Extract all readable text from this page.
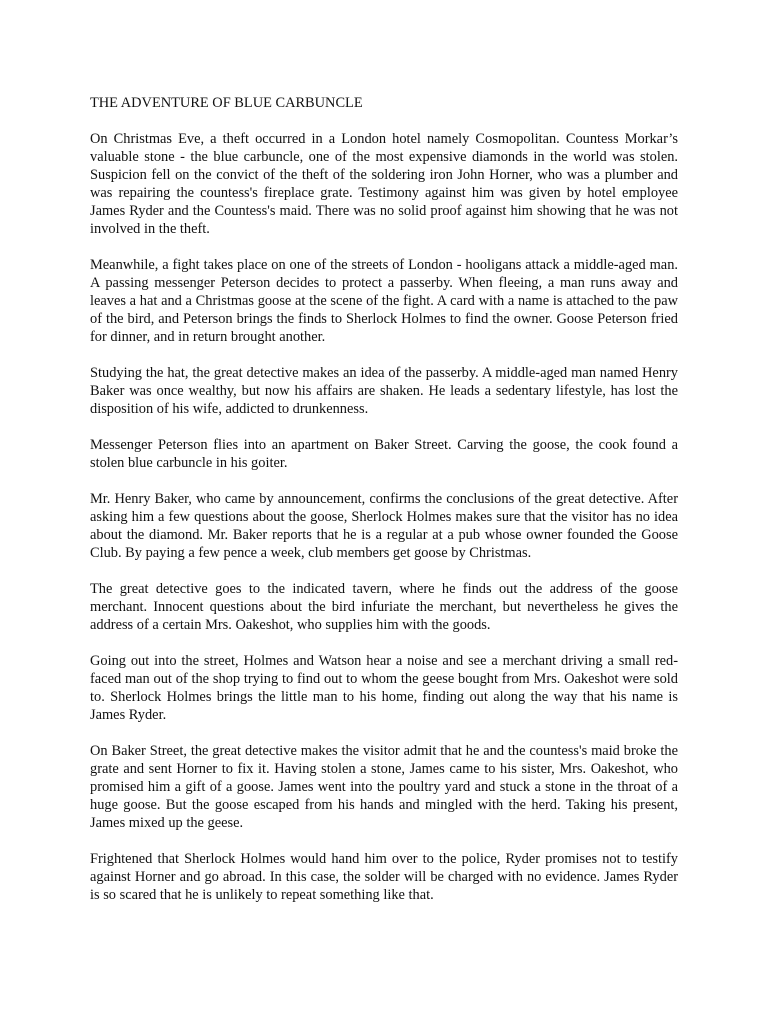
THE ADVENTURE OF BLUE CARBUNCLE

On Christmas Eve, a theft occurred in a London hotel namely Cosmopolitan. Countess Morkar’s valuable stone - the blue carbuncle, one of the most expensive diamonds in the world was stolen. Suspicion fell on the convict of the theft of the soldering iron John Horner, who was a plumber and was repairing the countess's fireplace grate. Testimony against him was given by hotel employee James Ryder and the Countess's maid. There was no solid proof against him showing that he was not involved in the theft.

Meanwhile, a fight takes place on one of the streets of London - hooligans attack a middle-aged man. A passing messenger Peterson decides to protect a passerby. When fleeing, a man runs away and leaves a hat and a Christmas goose at the scene of the fight. A card with a name is attached to the paw of the bird, and Peterson brings the finds to Sherlock Holmes to find the owner. Goose Peterson fried for dinner, and in return brought another.

Studying the hat, the great detective makes an idea of the passerby. A middle-aged man named Henry Baker was once wealthy, but now his affairs are shaken. He leads a sedentary lifestyle, has lost the disposition of his wife, addicted to drunkenness.

Messenger Peterson flies into an apartment on Baker Street. Carving the goose, the cook found a stolen blue carbuncle in his goiter.

Mr. Henry Baker, who came by announcement, confirms the conclusions of the great detective. After asking him a few questions about the goose, Sherlock Holmes makes sure that the visitor has no idea about the diamond. Mr. Baker reports that he is a regular at a pub whose owner founded the Goose Club. By paying a few pence a week, club members get goose by Christmas.

The great detective goes to the indicated tavern, where he finds out the address of the goose merchant. Innocent questions about the bird infuriate the merchant, but nevertheless he gives the address of a certain Mrs. Oakeshot, who supplies him with the goods.

Going out into the street, Holmes and Watson hear a noise and see a merchant driving a small red-faced man out of the shop trying to find out to whom the geese bought from Mrs. Oakeshot were sold to. Sherlock Holmes brings the little man to his home, finding out along the way that his name is James Ryder.

On Baker Street, the great detective makes the visitor admit that he and the countess's maid broke the grate and sent Horner to fix it. Having stolen a stone, James came to his sister, Mrs. Oakeshot, who promised him a gift of a goose. James went into the poultry yard and stuck a stone in the throat of a huge goose. But the goose escaped from his hands and mingled with the herd. Taking his present, James mixed up the geese.

Frightened that Sherlock Holmes would hand him over to the police, Ryder promises not to testify against Horner and go abroad. In this case, the solder will be charged with no evidence. James Ryder is so scared that he is unlikely to repeat something like that.
